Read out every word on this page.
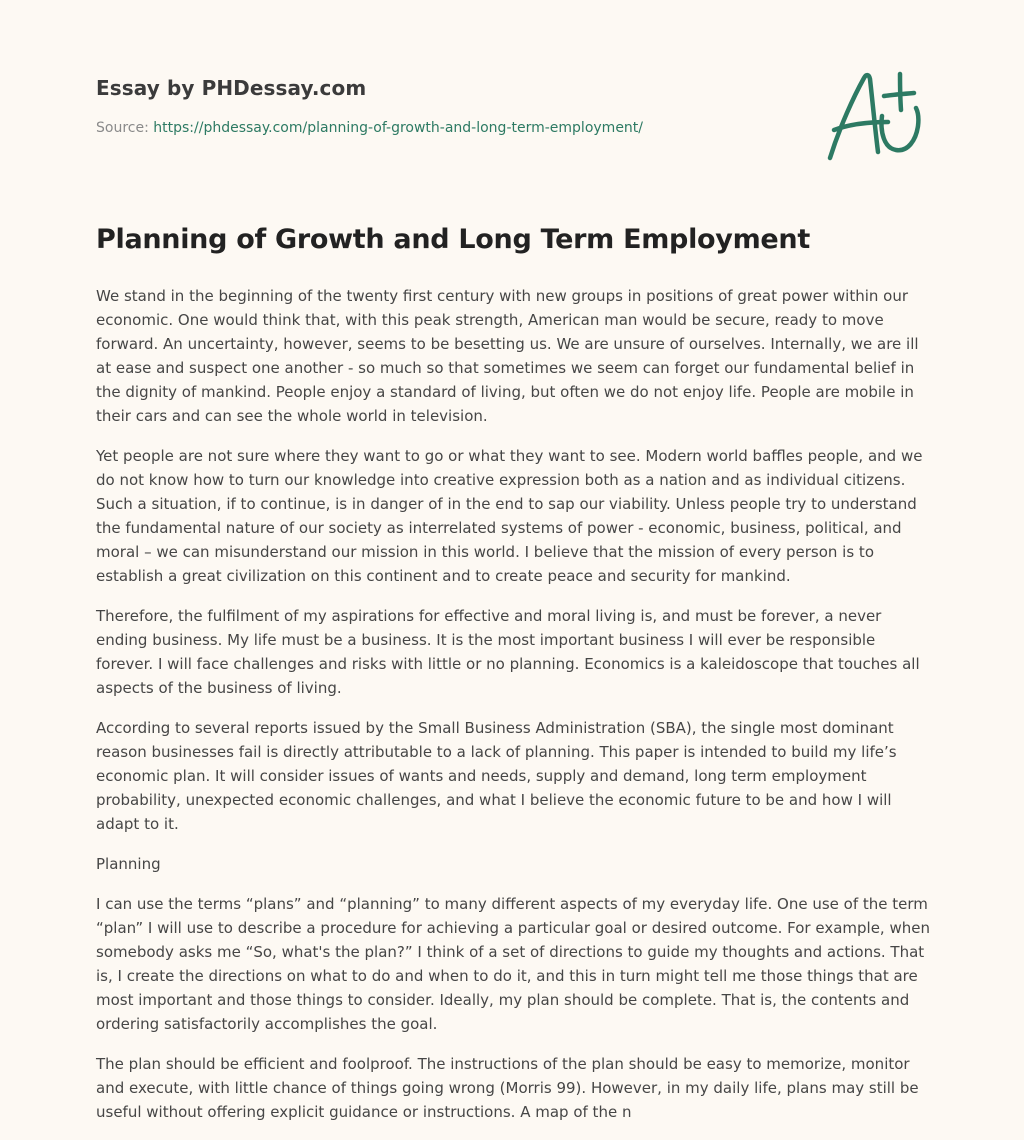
Essay by PHDessay.com
Source: https://phdessay.com/planning-of-growth-and-long-term-employment/
Planning of Growth and Long Term Employment

We stand in the beginning of the twenty first century with new groups in positions of great power within our economic. One would think that, with this peak strength, American man would be secure, ready to move forward. An uncertainty, however, seems to be besetting us. We are unsure of ourselves. Internally, we are ill at ease and suspect one another - so much so that sometimes we seem can forget our fundamental belief in the dignity of mankind. People enjoy a standard of living, but often we do not enjoy life. People are mobile in their cars and can see the whole world in television.

Yet people are not sure where they want to go or what they want to see. Modern world baffles people, and we do not know how to turn our knowledge into creative expression both as a nation and as individual citizens. Such a situation, if to continue, is in danger of in the end to sap our viability. Unless people try to understand the fundamental nature of our society as interrelated systems of power - economic, business, political, and moral – we can misunderstand our mission in this world. I believe that the mission of every person is to establish a great civilization on this continent and to create peace and security for mankind.

Therefore, the fulfilment of my aspirations for effective and moral living is, and must be forever, a never ending business. My life must be a business. It is the most important business I will ever be responsible forever. I will face challenges and risks with little or no planning. Economics is a kaleidoscope that touches all aspects of the business of living.

According to several reports issued by the Small Business Administration (SBA), the single most dominant reason businesses fail is directly attributable to a lack of planning. This paper is intended to build my life’s economic plan. It will consider issues of wants and needs, supply and demand, long term employment probability, unexpected economic challenges, and what I believe the economic future to be and how I will adapt to it.

Planning

I can use the terms “plans” and “planning” to many different aspects of my everyday life. One use of the term “plan” I will use to describe a procedure for achieving a particular goal or desired outcome. For example, when somebody asks me “So, what's the plan?” I think of a set of directions to guide my thoughts and actions. That is, I create the directions on what to do and when to do it, and this in turn might tell me those things that are most important and those things to consider. Ideally, my plan should be complete. That is, the contents and ordering satisfactorily accomplishes the goal.

The plan should be efficient and foolproof. The instructions of the plan should be easy to memorize, monitor and execute, with little chance of things going wrong (Morris 99). However, in my daily life, plans may still be useful without offering explicit guidance or instructions. A map of the n
